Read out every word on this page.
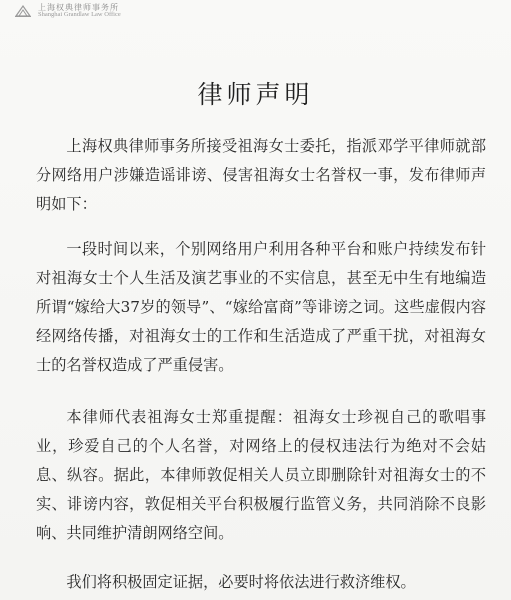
上海权典律师事务所
Shanghai Grandlaw Law Office
律师声明

上海权典律师事务所接受祖海女士委托，指派邓学平律师就部分网络用户涉嫌造谣诽谤、侵害祖海女士名誉权一事，发布律师声明如下：

一段时间以来，个别网络用户利用各种平台和账户持续发布针对祖海女士个人生活及演艺事业的不实信息，甚至无中生有地编造所谓“嫁给大37岁的领导”、“嫁给富商”等诽谤之词。这些虚假内容经网络传播，对祖海女士的工作和生活造成了严重干扰，对祖海女士的名誉权造成了严重侵害。

本律师代表祖海女士郑重提醒：祖海女士珍视自己的歌唱事业，珍爱自己的个人名誉，对网络上的侵权违法行为绝对不会姑息、纵容。据此，本律师敦促相关人员立即删除针对祖海女士的不实、诽谤内容，敦促相关平台积极履行监管义务，共同消除不良影响、共同维护清朗网络空间。

我们将积极固定证据，必要时将依法进行救济维权。
